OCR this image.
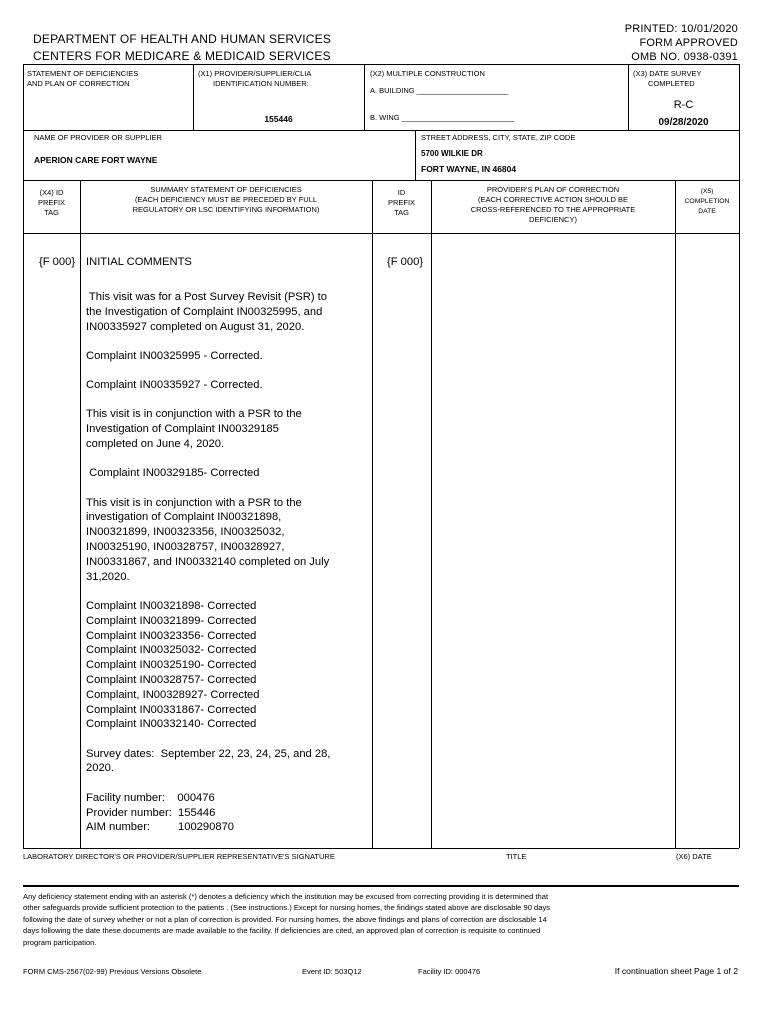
DEPARTMENT OF HEALTH AND HUMAN SERVICES
CENTERS FOR MEDICARE & MEDICAID SERVICES
PRINTED: 10/01/2020
FORM APPROVED
OMB NO. 0938-0391
STATEMENT OF DEFICIENCIES
AND PLAN OF CORRECTION
(X1) PROVIDER/SUPPLIER/CLIA
IDENTIFICATION NUMBER:
155446
(X2) MULTIPLE CONSTRUCTION
A. BUILDING ______________________
B. WING ___________________________
(X3) DATE SURVEY
COMPLETED
R-C
09/28/2020
NAME OF PROVIDER OR SUPPLIER
APERION CARE FORT WAYNE
STREET ADDRESS, CITY, STATE, ZIP CODE
5700 WILKIE DR
FORT WAYNE, IN 46804
(X4) ID
PREFIX
TAG
SUMMARY STATEMENT OF DEFICIENCIES
(EACH DEFICIENCY MUST BE PRECEDED BY FULL
REGULATORY OR LSC IDENTIFYING INFORMATION)
ID
PREFIX
TAG
PROVIDER'S PLAN OF CORRECTION
(EACH CORRECTIVE ACTION SHOULD BE
CROSS-REFERENCED TO THE APPROPRIATE
DEFICIENCY)
(X5)
COMPLETION
DATE
{F 000} INITIAL COMMENTS	{F 000}

This visit was for a Post Survey Revisit (PSR) to
the Investigation of Complaint IN00325995, and
IN00335927 completed on August 31, 2020.

Complaint IN00325995 - Corrected.

Complaint IN00335927 - Corrected.

This visit is in conjunction with a PSR to the
Investigation of Complaint IN00329185
completed on June 4, 2020.

Complaint IN00329185- Corrected

This visit is in conjunction with a PSR to the
investigation of Complaint IN00321898,
IN00321899, IN00323356, IN00325032,
IN00325190, IN00328757, IN00328927,
IN00331867, and IN00332140 completed on July
31,2020.

Complaint IN00321898- Corrected
Complaint IN00321899- Corrected
Complaint IN00323356- Corrected
Complaint IN00325032- Corrected
Complaint IN00325190- Corrected
Complaint IN00328757- Corrected
Complaint, IN00328927- Corrected
Complaint IN00331867- Corrected
Complaint IN00332140- Corrected

Survey dates:  September 22, 23, 24, 25, and 28,
2020.

Facility number:    000476
Provider number:  155446
AIM number:         100290870

LABORATORY DIRECTOR'S OR PROVIDER/SUPPLIER REPRESENTATIVE'S SIGNATURE	TITLE	(X6) DATE
Any deficiency statement ending with an asterisk (*) denotes a deficiency which the institution may be excused from correcting providing it is determined that
other safeguards provide sufficient protection to the patients . (See instructions.) Except for nursing homes, the findings stated above are disclosable 90 days
following the date of survey whether or not a plan of correction is provided. For nursing homes, the above findings and plans of correction are disclosable 14
days following the date these documents are made available to the facility. If deficiencies are cited, an approved plan of correction is requisite to continued
program participation.
FORM CMS-2567(02-99) Previous Versions Obsolete	Event ID: 503Q12	Facility ID: 000476	If continuation sheet Page 1 of 2
